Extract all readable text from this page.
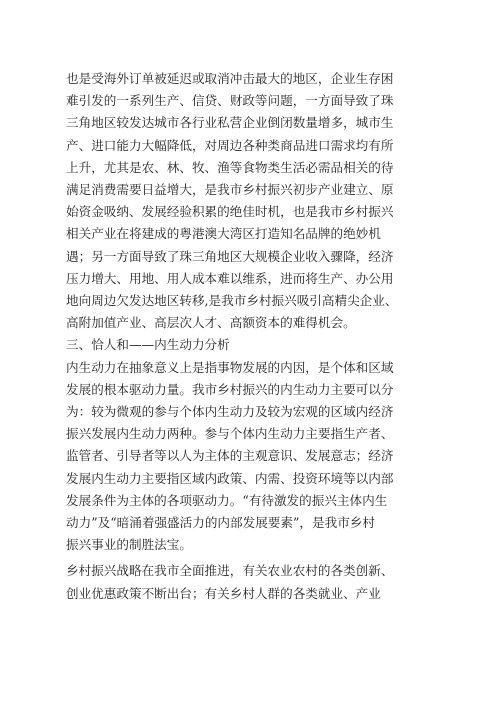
也是受海外订单被延迟或取消冲击最大的地区，企业生存困
难引发的一系列生产、信贷、财政等问题，一方面导致了珠
三角地区较发达城市各行业私营企业倒闭数量增多，城市生
产、进口能力大幅降低，对周边各种类商品进口需求均有所
上升，尤其是农、林、牧、渔等食物类生活必需品相关的待
满足消费需要日益增大，是我市乡村振兴初步产业建立、原
始资金吸纳、发展经验积累的绝佳时机，也是我市乡村振兴
相关产业在将建成的粤港澳大湾区打造知名品牌的绝妙机
遇；另一方面导致了珠三角地区大规模企业收入骤降，经济
压力增大、用地、用人成本难以维系，进而将生产、办公用
地向周边欠发达地区转移,是我市乡村振兴吸引高精尖企业、
高附加值产业、高层次人才、高额资本的难得机会。
三、恰人和——内生动力分析
内生动力在抽象意义上是指事物发展的内因，是个体和区域
发展的根本驱动力量。我市乡村振兴的内生动力主要可以分
为：较为微观的参与个体内生动力及较为宏观的区域内经济
振兴发展内生动力两种。参与个体内生动力主要指生产者、
监管者、引导者等以人为主体的主观意识、发展意志；经济
发展内生动力主要指区域内政策、内需、投资环境等以内部
发展条件为主体的各项驱动力。“有待激发的振兴主体内生
动力”及“暗涌着强盛活力的内部发展要素”，是我市乡村
振兴事业的制胜法宝。
乡村振兴战略在我市全面推进，有关农业农村的各类创新、
创业优惠政策不断出台；有关乡村人群的各类就业、产业
